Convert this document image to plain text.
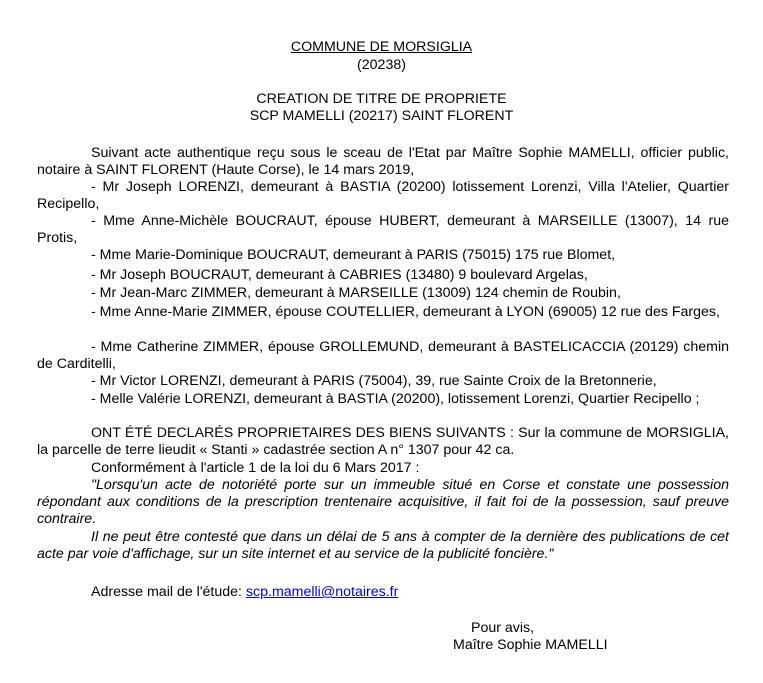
COMMUNE DE MORSIGLIA
(20238)
CREATION DE TITRE DE PROPRIETE
SCP MAMELLI (20217) SAINT FLORENT
Suivant acte authentique reçu sous le sceau de l'Etat par Maître Sophie MAMELLI, officier public, notaire à SAINT FLORENT (Haute Corse), le 14 mars 2019,
- Mr Joseph LORENZI, demeurant à BASTIA (20200) lotissement Lorenzi, Villa l'Atelier, Quartier Recipello,
- Mme Anne-Michèle BOUCRAUT, épouse HUBERT, demeurant à MARSEILLE (13007), 14 rue Protis,
- Mme Marie-Dominique BOUCRAUT, demeurant à PARIS (75015) 175 rue Blomet,
- Mr Joseph BOUCRAUT, demeurant à CABRIES (13480) 9 boulevard Argelas,
- Mr Jean-Marc ZIMMER, demeurant à MARSEILLE (13009) 124 chemin de Roubin,
- Mme Anne-Marie ZIMMER, épouse COUTELLIER, demeurant à LYON (69005) 12 rue des Farges,
- Mme Catherine ZIMMER, épouse GROLLEMUND, demeurant à BASTELICACCIA (20129) chemin de Carditelli,
- Mr Victor LORENZI, demeurant à PARIS (75004), 39, rue Sainte Croix de la Bretonnerie,
- Melle Valérie LORENZI, demeurant à BASTIA (20200), lotissement Lorenzi, Quartier Recipello ;
ONT ÉTÉ DECLARÉS PROPRIETAIRES DES BIENS SUIVANTS : Sur la commune de MORSIGLIA, la parcelle de terre lieudit « Stanti » cadastrée section A n° 1307 pour 42 ca.
Conformément à l'article 1 de la loi du 6 Mars 2017 :
"Lorsqu'un acte de notoriété porte sur un immeuble situé en Corse et constate une possession répondant aux conditions de la prescription trentenaire acquisitive, il fait foi de la possession, sauf preuve contraire.
Il ne peut être contesté que dans un délai de 5 ans à compter de la dernière des publications de cet acte par voie d'affichage, sur un site internet et au service de la publicité foncière."
Adresse mail de l'étude: scp.mamelli@notaires.fr
Pour avis,
Maître Sophie MAMELLI
